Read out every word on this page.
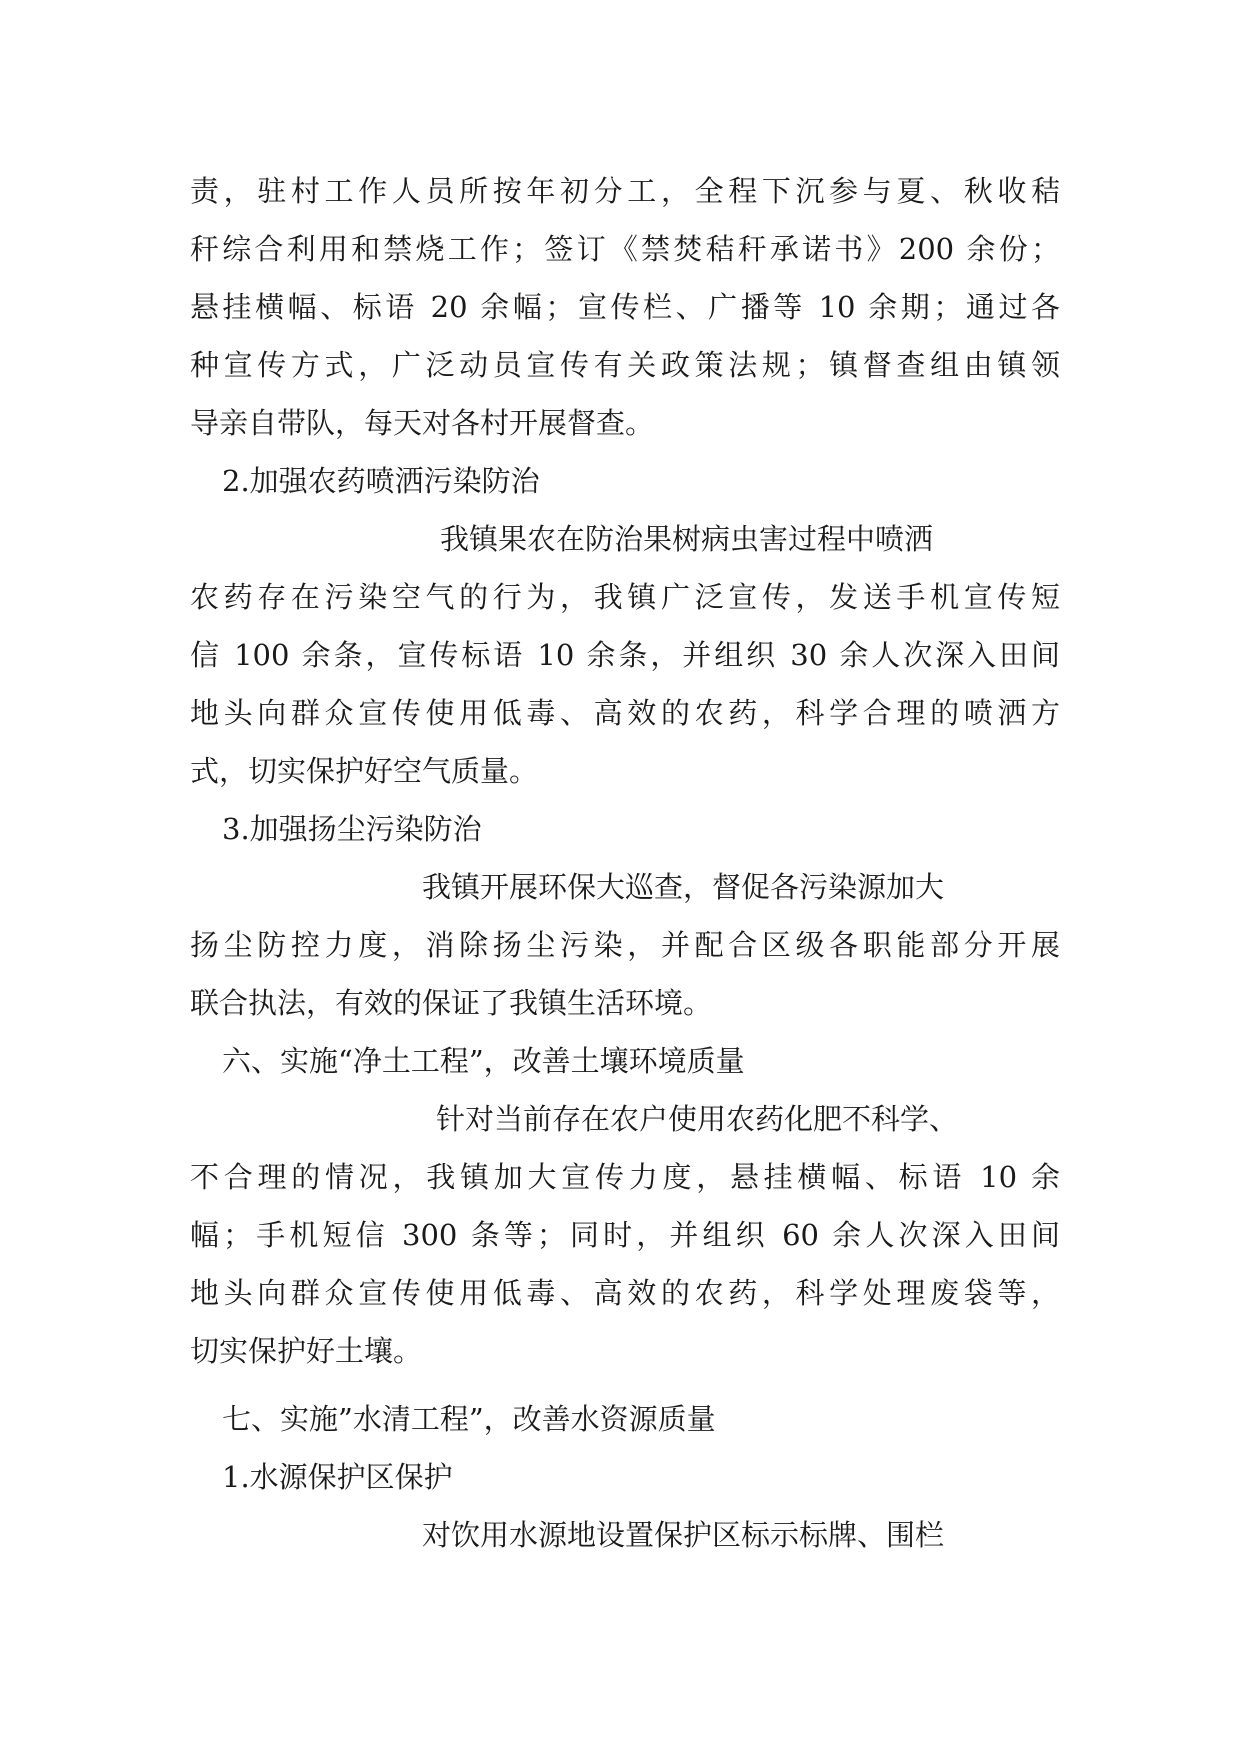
责，驻村工作人员所按年初分工，全程下沉参与夏、秋收秸
秆综合利用和禁烧工作；签订《禁焚秸秆承诺书》200 余份；
悬挂横幅、标语 20 余幅；宣传栏、广播等 10 余期；通过各
种宣传方式，广泛动员宣传有关政策法规；镇督查组由镇领
导亲自带队，每天对各村开展督查。
2.加强农药喷洒污染防治
我镇果农在防治果树病虫害过程中喷洒
农药存在污染空气的行为，我镇广泛宣传，发送手机宣传短
信 100 余条，宣传标语 10 余条，并组织 30 余人次深入田间
地头向群众宣传使用低毒、高效的农药，科学合理的喷洒方
式，切实保护好空气质量。
3.加强扬尘污染防治
我镇开展环保大巡查，督促各污染源加大
扬尘防控力度，消除扬尘污染，并配合区级各职能部分开展
联合执法，有效的保证了我镇生活环境。
六、实施“净土工程”，改善土壤环境质量
针对当前存在农户使用农药化肥不科学、
不合理的情况，我镇加大宣传力度，悬挂横幅、标语 10 余
幅；手机短信 300 条等；同时，并组织 60 余人次深入田间
地头向群众宣传使用低毒、高效的农药，科学处理废袋等，
切实保护好土壤。
七、实施”水清工程”，改善水资源质量
1.水源保护区保护
对饮用水源地设置保护区标示标牌、围栏
